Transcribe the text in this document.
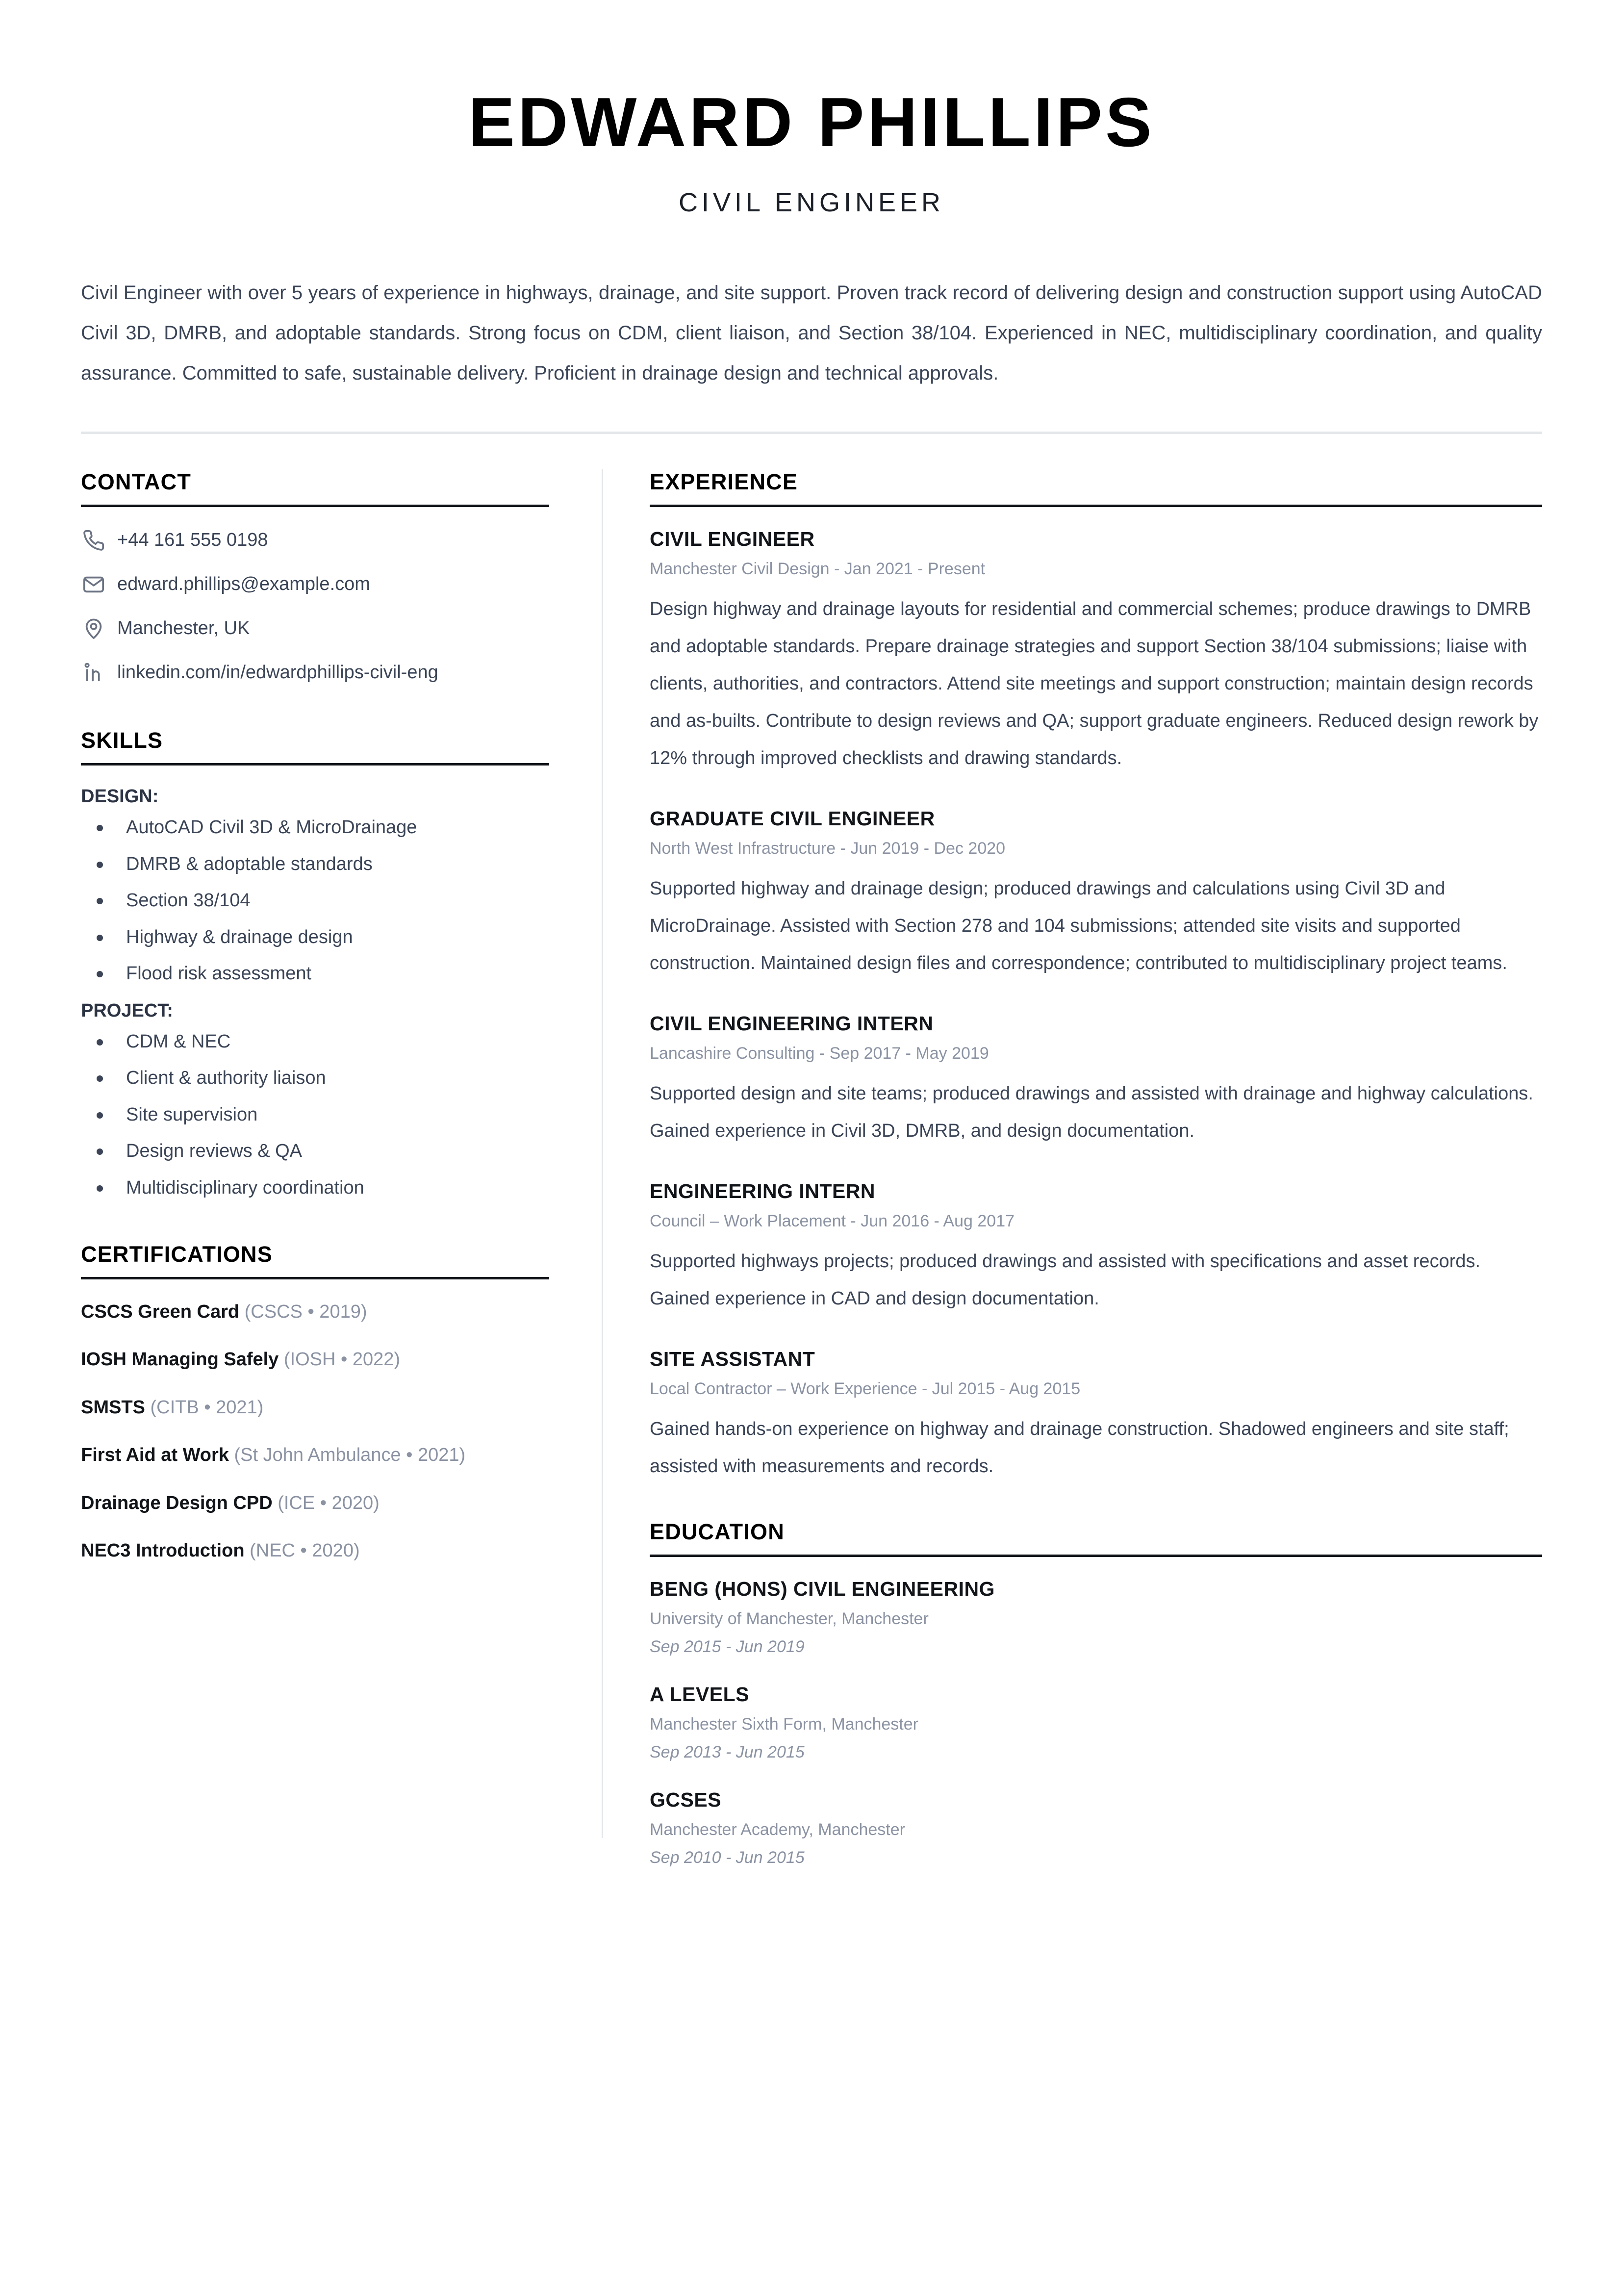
EDWARD PHILLIPS
CIVIL ENGINEER

Civil Engineer with over 5 years of experience in highways, drainage, and site support. Proven track record of delivering design and construction support using AutoCAD Civil 3D, DMRB, and adoptable standards. Strong focus on CDM, client liaison, and Section 38/104. Experienced in NEC, multidisciplinary coordination, and quality assurance. Committed to safe, sustainable delivery. Proficient in drainage design and technical approvals.

CONTACT
+44 161 555 0198
edward.phillips@example.com
Manchester, UK
linkedin.com/in/edwardphillips-civil-eng
SKILLS
DESIGN:
AutoCAD Civil 3D & MicroDrainage
DMRB & adoptable standards
Section 38/104
Highway & drainage design
Flood risk assessment
PROJECT:
CDM & NEC
Client & authority liaison
Site supervision
Design reviews & QA
Multidisciplinary coordination
CERTIFICATIONS
CSCS Green Card (CSCS • 2019)
IOSH Managing Safely (IOSH • 2022)
SMSTS (CITB • 2021)
First Aid at Work (St John Ambulance • 2021)
Drainage Design CPD (ICE • 2020)
NEC3 Introduction (NEC • 2020)
EXPERIENCE
CIVIL ENGINEER
Manchester Civil Design - Jan 2021 - Present

Design highway and drainage layouts for residential and commercial schemes; produce drawings to DMRB and adoptable standards. Prepare drainage strategies and support Section 38/104 submissions; liaise with clients, authorities, and contractors. Attend site meetings and support construction; maintain design records and as-builts. Contribute to design reviews and QA; support graduate engineers. Reduced design rework by 12% through improved checklists and drawing standards.

GRADUATE CIVIL ENGINEER
North West Infrastructure - Jun 2019 - Dec 2020

Supported highway and drainage design; produced drawings and calculations using Civil 3D and MicroDrainage. Assisted with Section 278 and 104 submissions; attended site visits and supported construction. Maintained design files and correspondence; contributed to multidisciplinary project teams.

CIVIL ENGINEERING INTERN
Lancashire Consulting - Sep 2017 - May 2019

Supported design and site teams; produced drawings and assisted with drainage and highway calculations. Gained experience in Civil 3D, DMRB, and design documentation.

ENGINEERING INTERN
Council – Work Placement - Jun 2016 - Aug 2017

Supported highways projects; produced drawings and assisted with specifications and asset records. Gained experience in CAD and design documentation.

SITE ASSISTANT
Local Contractor – Work Experience - Jul 2015 - Aug 2015

Gained hands-on experience on highway and drainage construction. Shadowed engineers and site staff; assisted with measurements and records.

EDUCATION
BENG (HONS) CIVIL ENGINEERING
University of Manchester, Manchester
Sep 2015 - Jun 2019
A LEVELS
Manchester Sixth Form, Manchester
Sep 2013 - Jun 2015
GCSES
Manchester Academy, Manchester
Sep 2010 - Jun 2015
